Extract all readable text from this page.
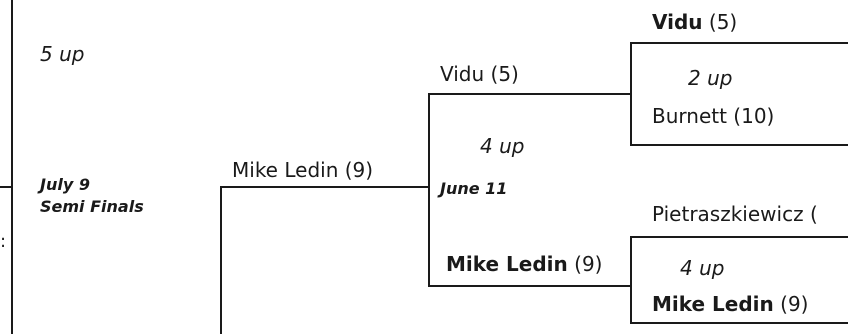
:
5 up
July 9
Semi Finals
Mike Ledin (9)
Vidu (5)
4 up
June 11
Mike Ledin (9)
Vidu (5)
2 up
Burnett (10)
Pietraszkiewicz (
4 up
Mike Ledin (9)
